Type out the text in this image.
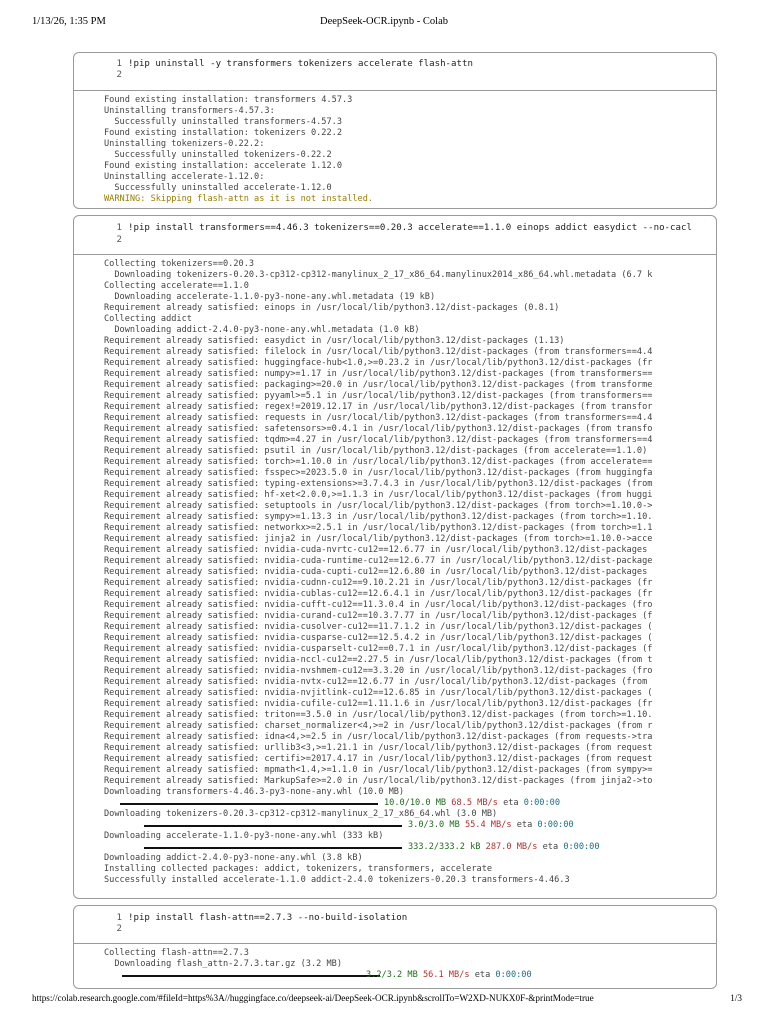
1/13/26, 1:35 PM	DeepSeek-OCR.ipynb - Colab
1 !pip uninstall -y transformers tokenizers accelerate flash-attn
2
Found existing installation: transformers 4.57.3
Uninstalling transformers-4.57.3:
Successfully uninstalled transformers-4.57.3
Found existing installation: tokenizers 0.22.2
Uninstalling tokenizers-0.22.2:
Successfully uninstalled tokenizers-0.22.2
Found existing installation: accelerate 1.12.0
Uninstalling accelerate-1.12.0:
Successfully uninstalled accelerate-1.12.0
WARNING: Skipping flash-attn as it is not installed.
1 !pip install transformers==4.46.3 tokenizers==0.20.3 accelerate==1.1.0 einops addict easydict --no-cacl
2
Collecting tokenizers==0.20.3
Downloading tokenizers-0.20.3-cp312-cp312-manylinux_2_17_x86_64.manylinux2014_x86_64.whl.metadata (6.7 k
Collecting accelerate==1.1.0
Downloading accelerate-1.1.0-py3-none-any.whl.metadata (19 kB)
Requirement already satisfied: einops in /usr/local/lib/python3.12/dist-packages (0.8.1)
Collecting addict
Downloading addict-2.4.0-py3-none-any.whl.metadata (1.0 kB)
Requirement already satisfied: easydict in /usr/local/lib/python3.12/dist-packages (1.13)
Requirement already satisfied: filelock in /usr/local/lib/python3.12/dist-packages (from transformers==4.4
Requirement already satisfied: huggingface-hub<1.0,>=0.23.2 in /usr/local/lib/python3.12/dist-packages (fr
Requirement already satisfied: numpy>=1.17 in /usr/local/lib/python3.12/dist-packages (from transformers==
Requirement already satisfied: packaging>=20.0 in /usr/local/lib/python3.12/dist-packages (from transforme
Requirement already satisfied: pyyaml>=5.1 in /usr/local/lib/python3.12/dist-packages (from transformers==
Requirement already satisfied: regex!=2019.12.17 in /usr/local/lib/python3.12/dist-packages (from transfor
Requirement already satisfied: requests in /usr/local/lib/python3.12/dist-packages (from transformers==4.4
Requirement already satisfied: safetensors>=0.4.1 in /usr/local/lib/python3.12/dist-packages (from transfo
Requirement already satisfied: tqdm>=4.27 in /usr/local/lib/python3.12/dist-packages (from transformers==4
Requirement already satisfied: psutil in /usr/local/lib/python3.12/dist-packages (from accelerate==1.1.0)
Requirement already satisfied: torch>=1.10.0 in /usr/local/lib/python3.12/dist-packages (from accelerate==
Requirement already satisfied: fsspec>=2023.5.0 in /usr/local/lib/python3.12/dist-packages (from huggingfa
Requirement already satisfied: typing-extensions>=3.7.4.3 in /usr/local/lib/python3.12/dist-packages (from
Requirement already satisfied: hf-xet<2.0.0,>=1.1.3 in /usr/local/lib/python3.12/dist-packages (from huggi
Requirement already satisfied: setuptools in /usr/local/lib/python3.12/dist-packages (from torch>=1.10.0->
Requirement already satisfied: sympy>=1.13.3 in /usr/local/lib/python3.12/dist-packages (from torch>=1.10.
Requirement already satisfied: networkx>=2.5.1 in /usr/local/lib/python3.12/dist-packages (from torch>=1.1
Requirement already satisfied: jinja2 in /usr/local/lib/python3.12/dist-packages (from torch>=1.10.0->acce
Requirement already satisfied: nvidia-cuda-nvrtc-cu12==12.6.77 in /usr/local/lib/python3.12/dist-packages
Requirement already satisfied: nvidia-cuda-runtime-cu12==12.6.77 in /usr/local/lib/python3.12/dist-package
Requirement already satisfied: nvidia-cuda-cupti-cu12==12.6.80 in /usr/local/lib/python3.12/dist-packages
Requirement already satisfied: nvidia-cudnn-cu12==9.10.2.21 in /usr/local/lib/python3.12/dist-packages (fr
Requirement already satisfied: nvidia-cublas-cu12==12.6.4.1 in /usr/local/lib/python3.12/dist-packages (fr
Requirement already satisfied: nvidia-cufft-cu12==11.3.0.4 in /usr/local/lib/python3.12/dist-packages (fro
Requirement already satisfied: nvidia-curand-cu12==10.3.7.77 in /usr/local/lib/python3.12/dist-packages (f
Requirement already satisfied: nvidia-cusolver-cu12==11.7.1.2 in /usr/local/lib/python3.12/dist-packages (
Requirement already satisfied: nvidia-cusparse-cu12==12.5.4.2 in /usr/local/lib/python3.12/dist-packages (
Requirement already satisfied: nvidia-cusparselt-cu12==0.7.1 in /usr/local/lib/python3.12/dist-packages (f
Requirement already satisfied: nvidia-nccl-cu12==2.27.5 in /usr/local/lib/python3.12/dist-packages (from t
Requirement already satisfied: nvidia-nvshmem-cu12==3.3.20 in /usr/local/lib/python3.12/dist-packages (fro
Requirement already satisfied: nvidia-nvtx-cu12==12.6.77 in /usr/local/lib/python3.12/dist-packages (from
Requirement already satisfied: nvidia-nvjitlink-cu12==12.6.85 in /usr/local/lib/python3.12/dist-packages (
Requirement already satisfied: nvidia-cufile-cu12==1.11.1.6 in /usr/local/lib/python3.12/dist-packages (fr
Requirement already satisfied: triton==3.5.0 in /usr/local/lib/python3.12/dist-packages (from torch>=1.10.
Requirement already satisfied: charset_normalizer<4,>=2 in /usr/local/lib/python3.12/dist-packages (from r
Requirement already satisfied: idna<4,>=2.5 in /usr/local/lib/python3.12/dist-packages (from requests->tra
Requirement already satisfied: urllib3<3,>=1.21.1 in /usr/local/lib/python3.12/dist-packages (from request
Requirement already satisfied: certifi>=2017.4.17 in /usr/local/lib/python3.12/dist-packages (from request
Requirement already satisfied: mpmath<1.4,>=1.1.0 in /usr/local/lib/python3.12/dist-packages (from sympy>=
Requirement already satisfied: MarkupSafe>=2.0 in /usr/local/lib/python3.12/dist-packages (from jinja2->to
Downloading transformers-4.46.3-py3-none-any.whl (10.0 MB)
10.0/10.0 MB 68.5 MB/s eta 0:00:00
Downloading tokenizers-0.20.3-cp312-cp312-manylinux_2_17_x86_64.whl (3.0 MB)
3.0/3.0 MB 55.4 MB/s eta 0:00:00
Downloading accelerate-1.1.0-py3-none-any.whl (333 kB)
333.2/333.2 kB 287.0 MB/s eta 0:00:00
Downloading addict-2.4.0-py3-none-any.whl (3.8 kB)
Installing collected packages: addict, tokenizers, transformers, accelerate
Successfully installed accelerate-1.1.0 addict-2.4.0 tokenizers-0.20.3 transformers-4.46.3
1 !pip install flash-attn==2.7.3 --no-build-isolation
2
Collecting flash-attn==2.7.3
Downloading flash_attn-2.7.3.tar.gz (3.2 MB)
3.2/3.2 MB 56.1 MB/s eta 0:00:00
https://colab.research.google.com/#fileId=https%3A//huggingface.co/deepseek-ai/DeepSeek-OCR.ipynb&scrollTo=W2XD-NUKX0F-&printMode=true	1/3
